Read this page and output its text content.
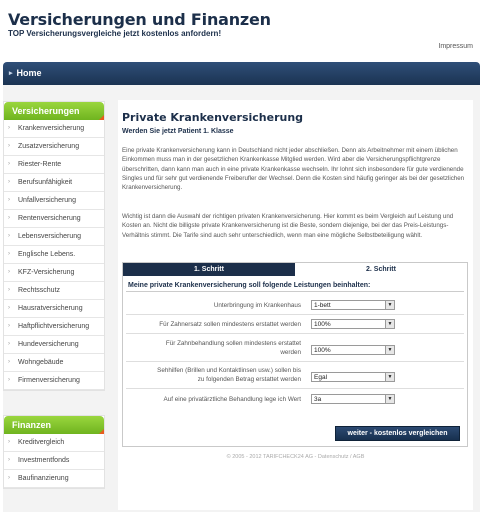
Versicherungen und Finanzen
TOP Versicherungsvergleiche jetzt kostenlos anfordern!
Impressum
▸ Home
Versicherungen
› Krankenversicherung
› Zusatzversicherung
› Riester-Rente
› Berufsunfähigkeit
› Unfallversicherung
› Rentenversicherung
› Lebensversicherung
› Englische Lebens.
› KFZ-Versicherung
› Rechtsschutz
› Hausratversicherung
› Haftpflichtversicherung
› Hundeversicherung
› Wohngebäude
› Firmenversicherung
Finanzen
› Kreditvergleich
› Investmentfonds
› Baufinanzierung
Private Krankenversicherung
Werden Sie jetzt Patient 1. Klasse
Eine private Krankenversicherung kann in Deutschland nicht jeder abschließen. Denn als Arbeitnehmer mit einem üblichen Einkommen muss man in der gesetzlichen Krankenkasse Mitglied werden. Wird aber die Versicherungspflichtgrenze überschritten, dann kann man auch in eine private Krankenkasse wechseln. Ihr lohnt sich insbesondere für gute verdienende Singles und für sehr gut verdienende Freiberufler der Wechsel. Denn die Kosten sind häufig geringer als bei der gesetzlichen Krankenversicherung.
Wichtig ist dann die Auswahl der richtigen privaten Krankenversicherung. Hier kommt es beim Vergleich auf Leistung und Kosten an. Nicht die billigste private Krankenversicherung ist die Beste, sondern diejenige, bei der das Preis-Leistungs-Verhältnis stimmt. Die Tarife sind auch sehr unterschiedlich, wenn man eine mögliche Selbstbeteiligung wählt.
1. Schritt	2. Schritt
Meine private Krankenversicherung soll folgende Leistungen beinhalten:
Unterbringung im Krankenhaus	1-bett	▼
Für Zahnersatz sollen mindestens erstattet werden	100%	▼
Für Zahnbehandlung sollen mindestens erstattet werden	100%	▼
Sehhilfen (Brillen und Kontaktlinsen usw.) sollen bis zu folgenden Betrag erstattet werden	Egal	▼
Auf eine privatärztliche Behandlung lege ich Wert	3a	▼
weiter - kostenlos vergleichen
© 2005 - 2012 TARIFCHECK24 AG - Datenschutz / AGB
